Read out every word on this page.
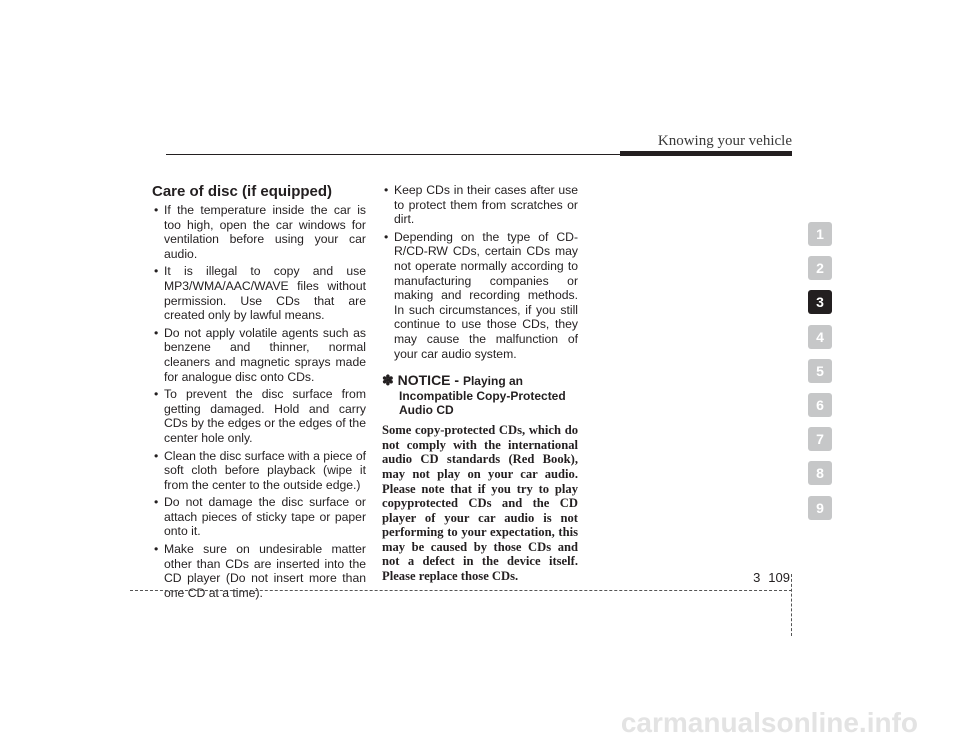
Knowing your vehicle
Care of disc (if equipped)
• If the temperature inside the car is too high, open the car windows for ventilation before using your car audio.
• It is illegal to copy and use MP3/WMA/AAC/WAVE files without permission. Use CDs that are created only by lawful means.
• Do not apply volatile agents such as benzene and thinner, normal cleaners and magnetic sprays made for analogue disc onto CDs.
• To prevent the disc surface from getting damaged. Hold and carry CDs by the edges or the edges of the center hole only.
• Clean the disc surface with a piece of soft cloth before playback (wipe it from the center to the outside edge.)
• Do not damage the disc surface or attach pieces of sticky tape or paper onto it.
• Make sure on undesirable matter other than CDs are inserted into the CD player (Do not insert more than one CD at a time).
• Keep CDs in their cases after use to protect them from scratches or dirt.
• Depending on the type of CD-R/CD-RW CDs, certain CDs may not operate normally according to manufacturing companies or making and recording methods. In such circumstances, if you still continue to use those CDs, they may cause the malfunction of your car audio system.
✽ NOTICE - Playing an
Incompatible Copy-Protected
Audio CD
Some copy-protected CDs, which do not comply with the international audio CD standards (Red Book), may not play on your car audio. Please note that if you try to play copyprotected CDs and the CD player of your car audio is not performing to your expectation, this may be caused by those CDs and not a defect in the device itself. Please replace those CDs.
1
2
3
4
5
6
7
8
9
3 109
carmanualsonline.info
